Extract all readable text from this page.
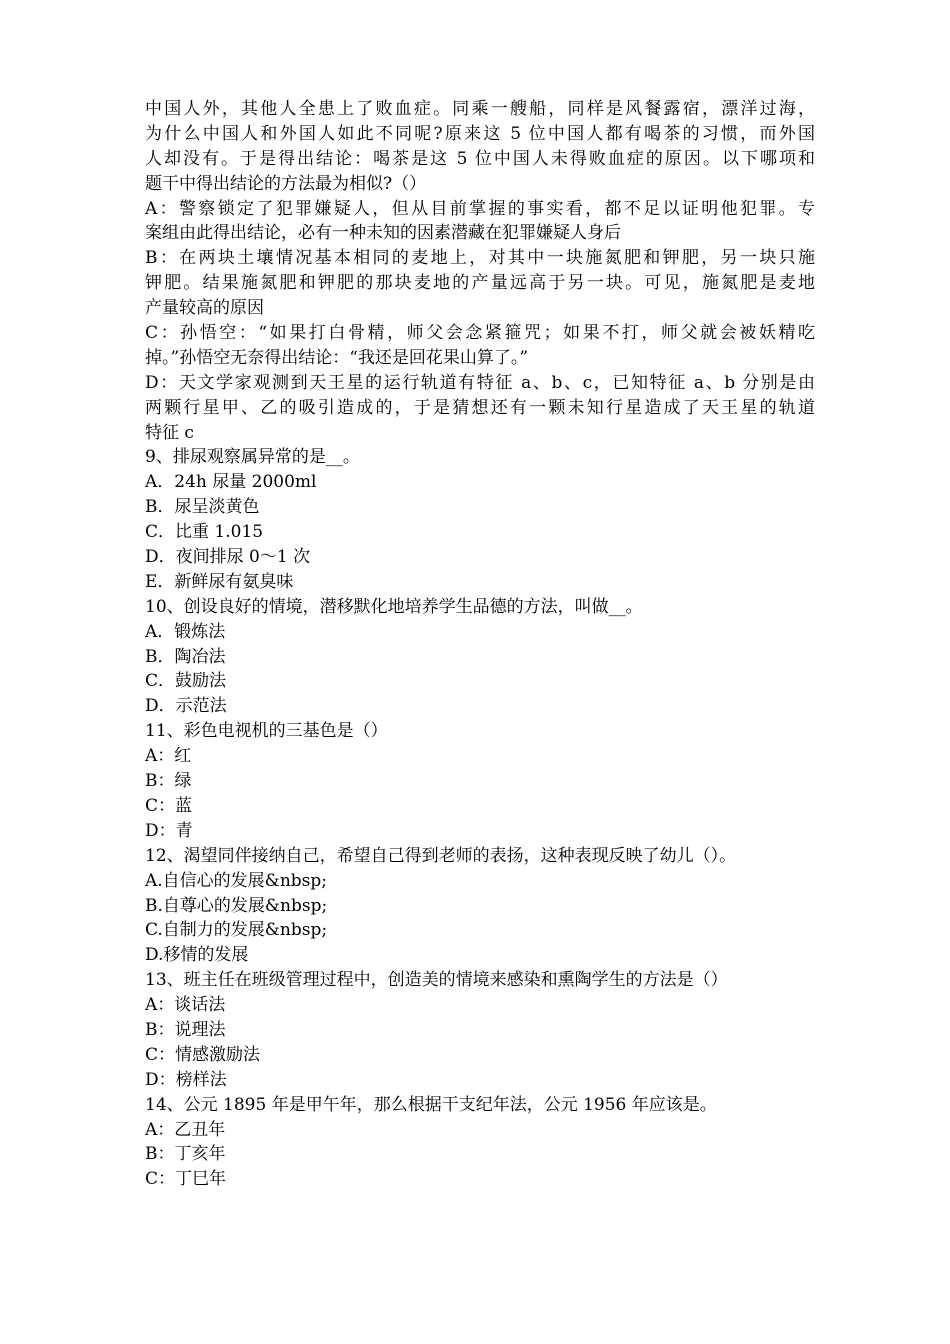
中国人外，其他人全患上了败血症。同乘一艘船，同样是风餐露宿，漂洋过海，
为什么中国人和外国人如此不同呢?原来这 5 位中国人都有喝茶的习惯，而外国
人却没有。于是得出结论：喝茶是这 5 位中国人未得败血症的原因。以下哪项和
题干中得出结论的方法最为相似?（）
A：警察锁定了犯罪嫌疑人，但从目前掌握的事实看，都不足以证明他犯罪。专
案组由此得出结论，必有一种未知的因素潜藏在犯罪嫌疑人身后
B：在两块土壤情况基本相同的麦地上，对其中一块施氮肥和钾肥，另一块只施
钾肥。结果施氮肥和钾肥的那块麦地的产量远高于另一块。可见，施氮肥是麦地
产量较高的原因
C：孙悟空：“如果打白骨精，师父会念紧箍咒；如果不打，师父就会被妖精吃
掉。”孙悟空无奈得出结论：“我还是回花果山算了。”
D：天文学家观测到天王星的运行轨道有特征 a、b、c，已知特征 a、b 分别是由
两颗行星甲、乙的吸引造成的，于是猜想还有一颗未知行星造成了天王星的轨道
特征 c
9、排尿观察属异常的是__。
A．24h 尿量 2000ml
B．尿呈淡黄色
C．比重 1.015
D．夜间排尿 0～1 次
E．新鲜尿有氨臭味
10、创设良好的情境，潜移默化地培养学生品德的方法，叫做__。
A．锻炼法
B．陶冶法
C．鼓励法
D．示范法
11、彩色电视机的三基色是（）
A：红
B：绿
C：蓝
D：青
12、渴望同伴接纳自己，希望自己得到老师的表扬，这种表现反映了幼儿（）。
A.自信心的发展&nbsp;
B.自尊心的发展&nbsp;
C.自制力的发展&nbsp;
D.移情的发展
13、班主任在班级管理过程中，创造美的情境来感染和熏陶学生的方法是（）
A：谈话法
B：说理法
C：情感激励法
D：榜样法
14、公元 1895 年是甲午年，那么根据干支纪年法，公元 1956 年应该是。
A：乙丑年
B：丁亥年
C：丁巳年
